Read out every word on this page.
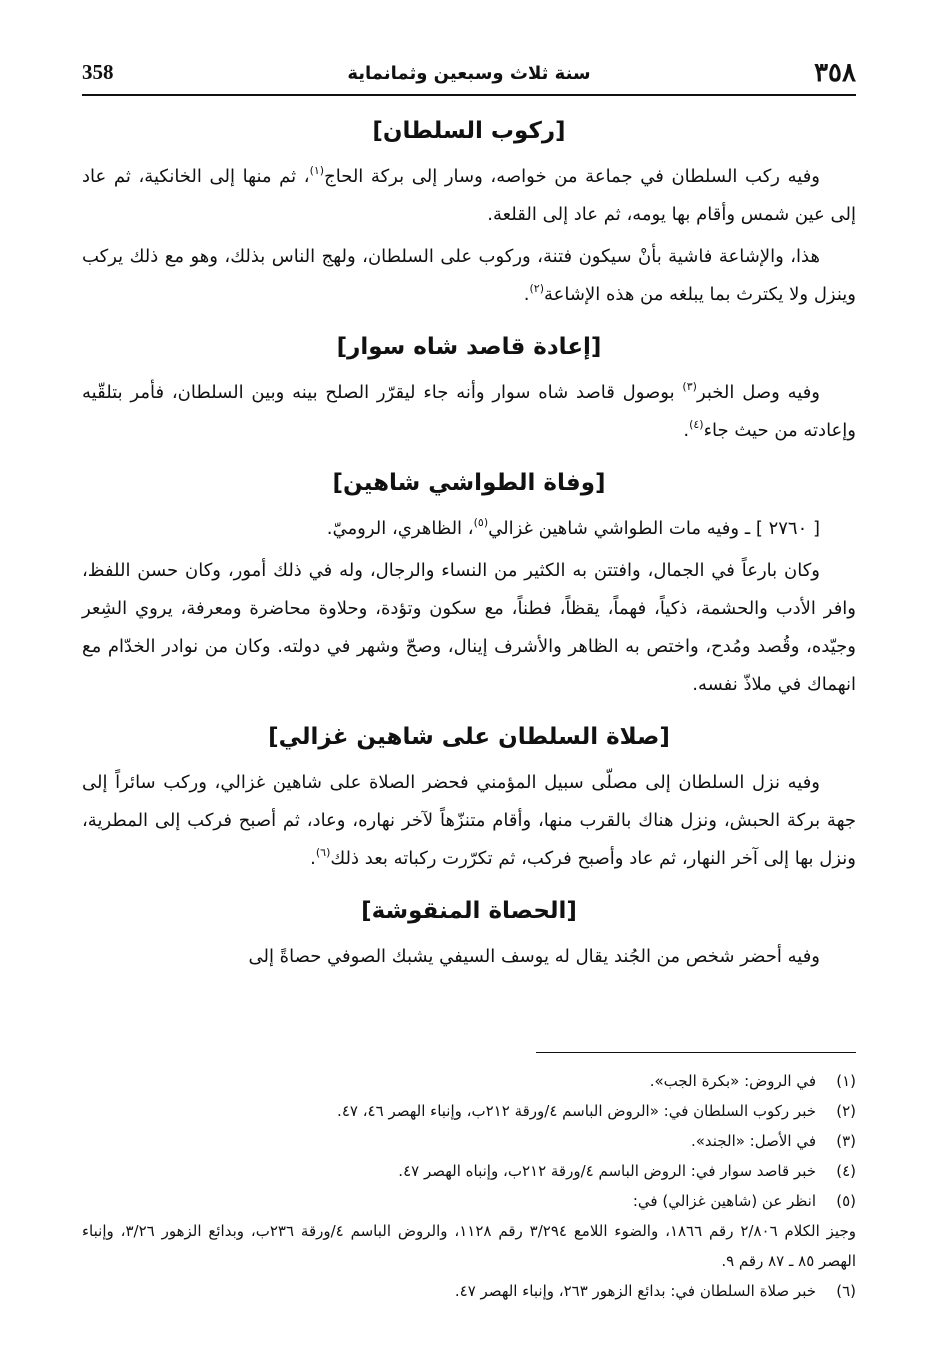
٣٥٨
سنة ثلاث وسبعين وثمانماية
358
[ركوب السلطان]

وفيه ركب السلطان في جماعة من خواصه، وسار إلى بركة الحاج$^{(١)}$، ثم منها إلى الخانكية، ثم عاد إلى عين شمس وأقام بها يومه، ثم عاد إلى القلعة.

هذا، والإشاعة فاشية بأنْ سيكون فتنة، وركوب على السلطان، ولهج الناس بذلك، وهو مع ذلك يركب وينزل ولا يكترث بما يبلغه من هذه الإشاعة$^{(٢)}$.

[إعادة قاصد شاه سوار]

وفيه وصل الخبر$^{(٣)}$ بوصول قاصد شاه سوار وأنه جاء ليقرّر الصلح بينه وبين السلطان، فأمر بتلقّيه وإعادته من حيث جاء$^{(٤)}$.

[وفاة الطواشي شاهين]

[ ٢٧٦٠ ] ـ وفيه مات الطواشي شاهين غزالي$^{(٥)}$، الظاهري، الروميّ.

وكان بارعاً في الجمال، وافتتن به الكثير من النساء والرجال، وله في ذلك أمور، وكان حسن اللفظ، وافر الأدب والحشمة، ذكياً، فهماً، يقظاً، فطناً، مع سكون وتؤدة، وحلاوة محاضرة ومعرفة، يروي الشِعر وجيّده، وقُصد ومُدح، واختص به الظاهر والأشرف إينال، وصحّ وشهر في دولته. وكان من نوادر الخدّام مع انهماك في ملاذّ نفسه.

[صلاة السلطان على شاهين غزالي]

وفيه نزل السلطان إلى مصلّى سبيل المؤمني فحضر الصلاة على شاهين غزالي، وركب سائراً إلى جهة بركة الحبش، ونزل هناك بالقرب منها، وأقام متنزّهاً لآخر نهاره، وعاد، ثم أصبح فركب إلى المطرية، ونزل بها إلى آخر النهار، ثم عاد وأصبح فركب، ثم تكرّرت ركباته بعد ذلك$^{(٦)}$.

[الحصاة المنقوشة]

وفيه أحضر شخص من الجُند يقال له يوسف السيفي يشبك الصوفي حصاةً إلى

(١)
في الروض: «بكرة الجب».
(٢)
خبر ركوب السلطان في: «الروض الباسم ٤/ورقة ٢١٢ب، وإنباء الهصر ٤٦، ٤٧.
(٣)
في الأصل: «الجند».
(٤)
خبر قاصد سوار في: الروض الباسم ٤/ورقة ٢١٢ب، وإنباه الهصر ٤٧.
(٥)
انظر عن (شاهين غزالي) في:
وجيز الكلام ٢/٨٠٦ رقم ١٨٦٦، والضوء اللامع ٣/٢٩٤ رقم ١١٢٨، والروض الباسم ٤/ورقة ٢٣٦ب، وبدائع الزهور ٣/٢٦، وإنباء الهصر ٨٥ ـ ٨٧ رقم ٩.
(٦)
خبر صلاة السلطان في: بدائع الزهور ٢٦٣، وإنباء الهصر ٤٧.
